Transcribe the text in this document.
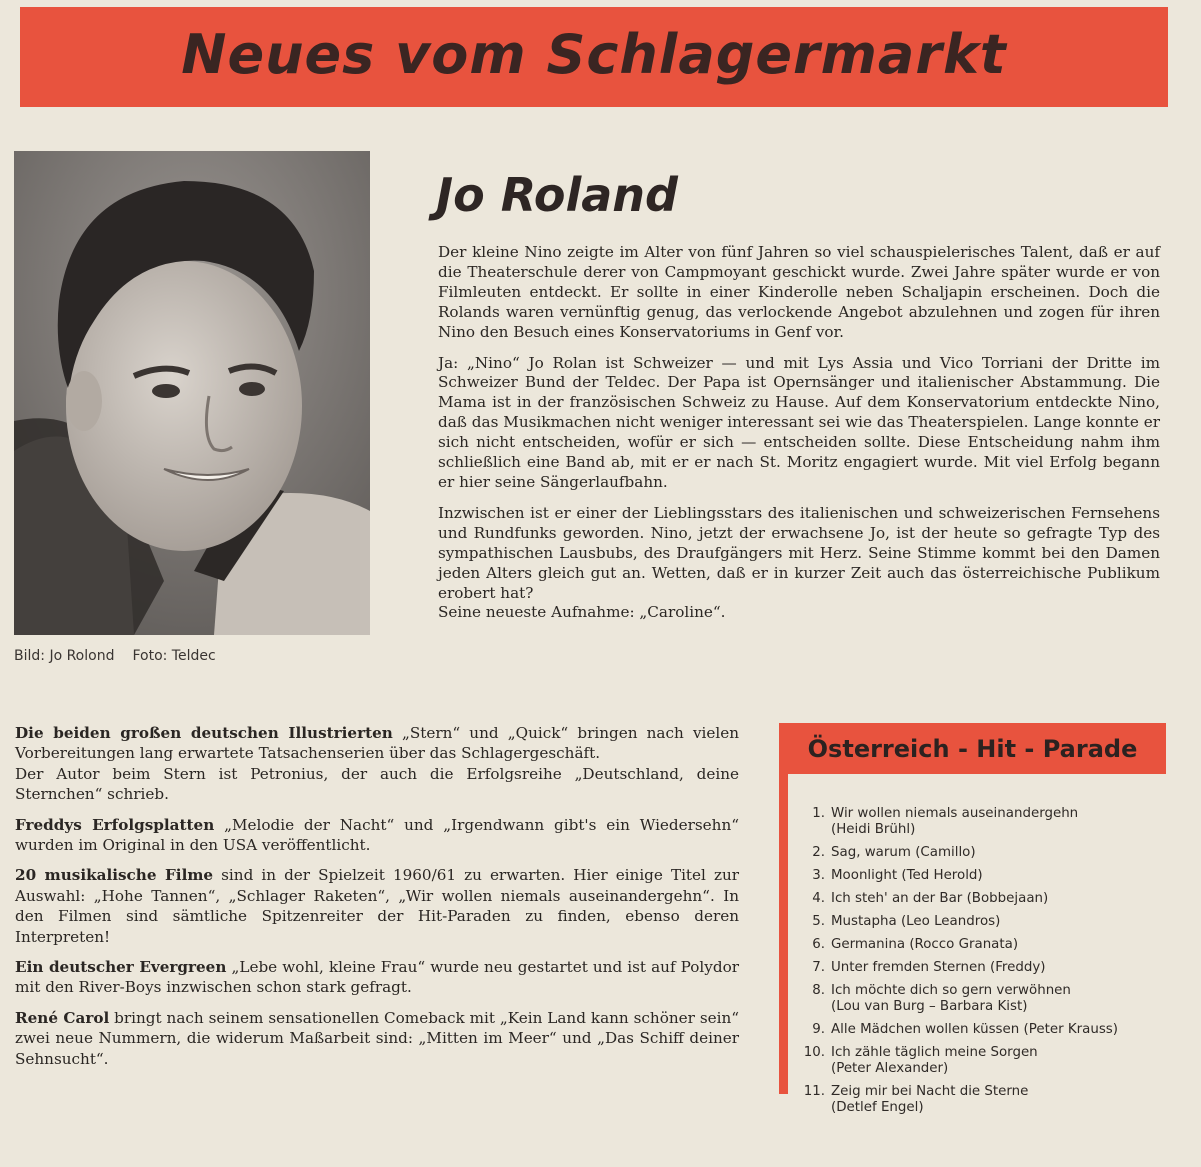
Neues vom Schlagermarkt
Bild: Jo Rolond Foto: Teldec
Jo Roland

Der kleine Nino zeigte im Alter von fünf Jahren so viel schauspielerisches Talent, daß er auf die Theaterschule derer von Campmoyant geschickt wurde. Zwei Jahre später wurde er von Filmleuten entdeckt. Er sollte in einer Kinderolle neben Schaljapin erscheinen. Doch die Rolands waren vernünftig genug, das verlockende Angebot abzulehnen und zogen für ihren Nino den Besuch eines Konservatoriums in Genf vor.

Ja: „Nino“ Jo Rolan ist Schweizer — und mit Lys Assia und Vico Torriani der Dritte im Schweizer Bund der Teldec. Der Papa ist Opernsänger und italienischer Abstammung. Die Mama ist in der französischen Schweiz zu Hause. Auf dem Konservatorium entdeckte Nino, daß das Musikmachen nicht weniger interessant sei wie das Theaterspielen. Lange konnte er sich nicht entscheiden, wofür er sich — entscheiden sollte. Diese Entscheidung nahm ihm schließlich eine Band ab, mit er er nach St. Moritz engagiert wurde. Mit viel Erfolg begann er hier seine Sängerlaufbahn.

Inzwischen ist er einer der Lieblingsstars des italienischen und schweizerischen Fernsehens und Rundfunks geworden. Nino, jetzt der erwachsene Jo, ist der heute so gefragte Typ des sympathischen Lausbubs, des Draufgängers mit Herz. Seine Stimme kommt bei den Damen jeden Alters gleich gut an. Wetten, daß er in kurzer Zeit auch das österreichische Publikum erobert hat?

Seine neueste Aufnahme: „Caroline“.

Die beiden großen deutschen Illustrierten „Stern“ und „Quick“ bringen nach vielen Vorbereitungen lang erwartete Tatsachenserien über das Schlagergeschäft.

Der Autor beim Stern ist Petronius, der auch die Erfolgsreihe „Deutschland, deine Sternchen“ schrieb.

Freddys Erfolgsplatten „Melodie der Nacht“ und „Irgendwann gibt's ein Wiedersehn“ wurden im Original in den USA veröffentlicht.

20 musikalische Filme sind in der Spielzeit 1960/61 zu erwarten. Hier einige Titel zur Auswahl: „Hohe Tannen“, „Schlager Raketen“, „Wir wollen niemals auseinandergehn“. In den Filmen sind sämtliche Spitzenreiter der Hit-Paraden zu finden, ebenso deren Interpreten!

Ein deutscher Evergreen „Lebe wohl, kleine Frau“ wurde neu gestartet und ist auf Polydor mit den River-Boys inzwischen schon stark gefragt.

René Carol bringt nach seinem sensationellen Comeback mit „Kein Land kann schöner sein“ zwei neue Nummern, die widerum Maßarbeit sind: „Mitten im Meer“ und „Das Schiff deiner Sehnsucht“.

Österreich - Hit - Parade
1. Wir wollen niemals auseinandergehn
(Heidi Brühl)
2. Sag, warum (Camillo)
3. Moonlight (Ted Herold)
4. Ich steh' an der Bar (Bobbejaan)
5. Mustapha (Leo Leandros)
6. Germanina (Rocco Granata)
7. Unter fremden Sternen (Freddy)
8. Ich möchte dich so gern verwöhnen
(Lou van Burg – Barbara Kist)
9. Alle Mädchen wollen küssen (Peter Krauss)
10. Ich zähle täglich meine Sorgen
(Peter Alexander)
11. Zeig mir bei Nacht die Sterne
(Detlef Engel)
